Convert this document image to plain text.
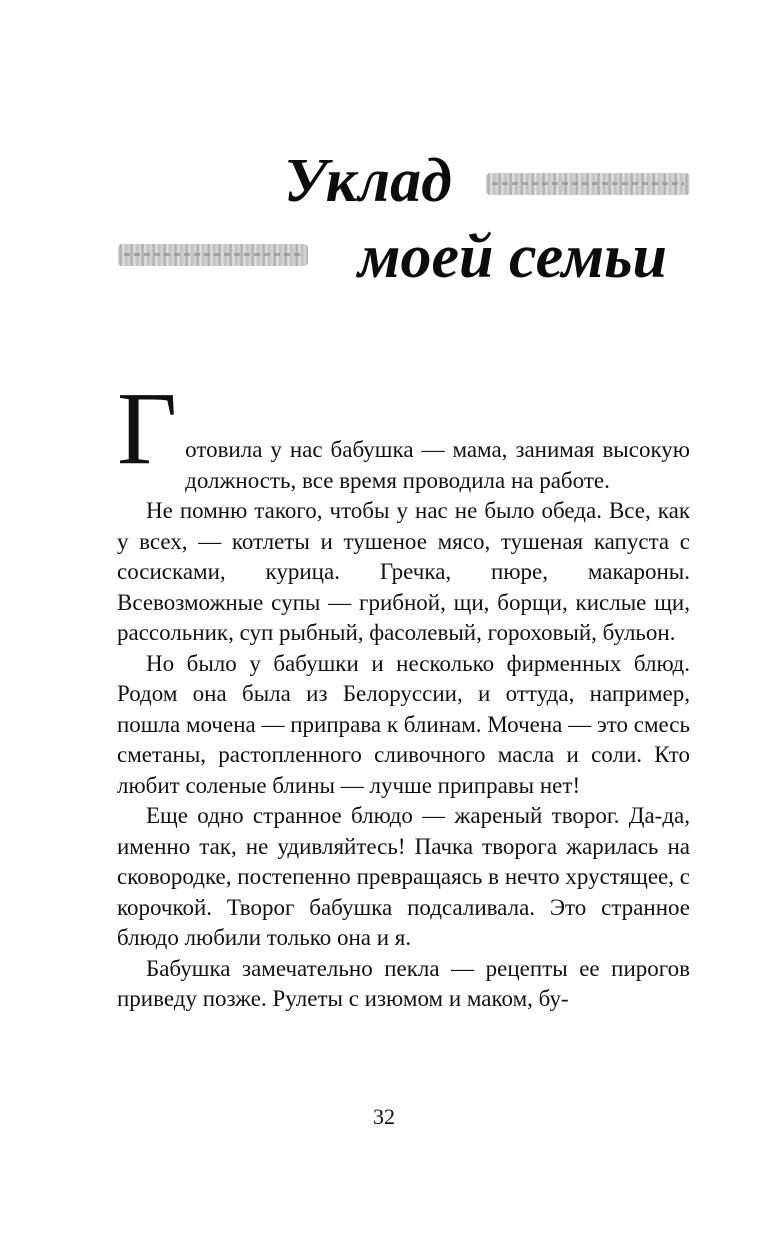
Уклад
моей семьи

Г отовила у нас бабушка — мама, занимая высокую должность, все время проводила на работе.

Не помню такого, чтобы у нас не было обеда. Все, как у всех, — котлеты и тушеное мясо, тушеная капуста с сосисками, курица. Гречка, пюре, макароны. Всевозможные супы — грибной, щи, борщи, кислые щи, рассольник, суп рыбный, фасолевый, гороховый, бульон.

Но было у бабушки и несколько фирменных блюд. Родом она была из Белоруссии, и оттуда, например, пошла мочена — приправа к блинам. Мочена — это смесь сметаны, растопленного сливочного масла и соли. Кто любит соленые блины — лучше приправы нет!

Еще одно странное блюдо — жареный творог. Да-да, именно так, не удивляйтесь! Пачка творога жарилась на сковородке, постепенно превращаясь в нечто хрустящее, с корочкой. Творог бабушка подсаливала. Это странное блюдо любили только она и я.

Бабушка замечательно пекла — рецепты ее пирогов приведу позже. Рулеты с изюмом и маком, бу-

32
